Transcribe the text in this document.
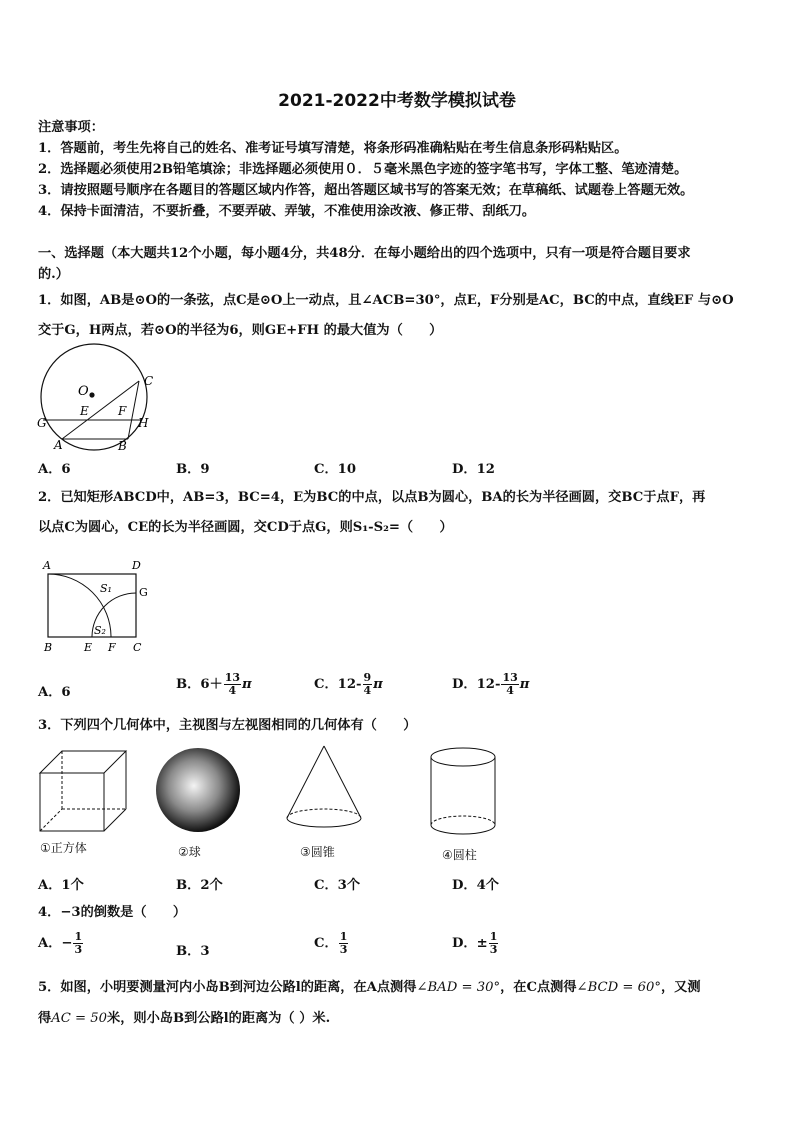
2021-2022中考数学模拟试卷
注意事项：
1．答题前，考生先将自己的姓名、准考证号填写清楚，将条形码准确粘贴在考生信息条形码粘贴区。
2．选择题必须使用2B铅笔填涂；非选择题必须使用０．５毫米黑色字迹的签字笔书写，字体工整、笔迹清楚。
3．请按照题号顺序在各题目的答题区域内作答，超出答题区域书写的答案无效；在草稿纸、试题卷上答题无效。
4．保持卡面清洁，不要折叠，不要弄破、弄皱，不准使用涂改液、修正带、刮纸刀。
一、选择题（本大题共12个小题，每小题4分，共48分．在每小题给出的四个选项中，只有一项是符合题目要求
的.）
1．如图，AB是⊙O的一条弦，点C是⊙O上一动点，且∠ACB=30°，点E，F分别是AC，BC的中点，直线EF 与⊙O
交于G，H两点，若⊙O的半径为6，则GE+FH 的最大值为（　　）
O
C
E F
G	H
A	B
A．6	B．9	C．10	D．12
2．已知矩形ABCD中，AB=3，BC=4，E为BC的中点，以点B为圆心，BA的长为半径画圆，交BC于点F，再
以点C为圆心，CE的长为半径画圆，交CD于点G，则S₁-S₂=（　　）
A	D
S₁ G
S₂
B	E F C
A．6
B．$6+ \frac{13}{4}$ π	C．$12- \frac{9}{4}$ π	D．$12- \frac{13}{4}$ π
3．下列四个几何体中，主视图与左视图相同的几何体有（　　）
①正方体	②球	③圆锥	④圆柱
A．1个	B．2个	C．3个	D．4个
4．−3的倒数是（　　）
A．− $\frac{1}{3}$	B．3
C． $\frac{1}{3}$	D．± $\frac{1}{3}$
5．如图，小明要测量河内小岛B到河边公路l的距离，在A点测得∠BAD = 30°，在C点测得∠BCD = 60°，又测
得AC = 50米，则小岛B到公路l的距离为（ ）米.
